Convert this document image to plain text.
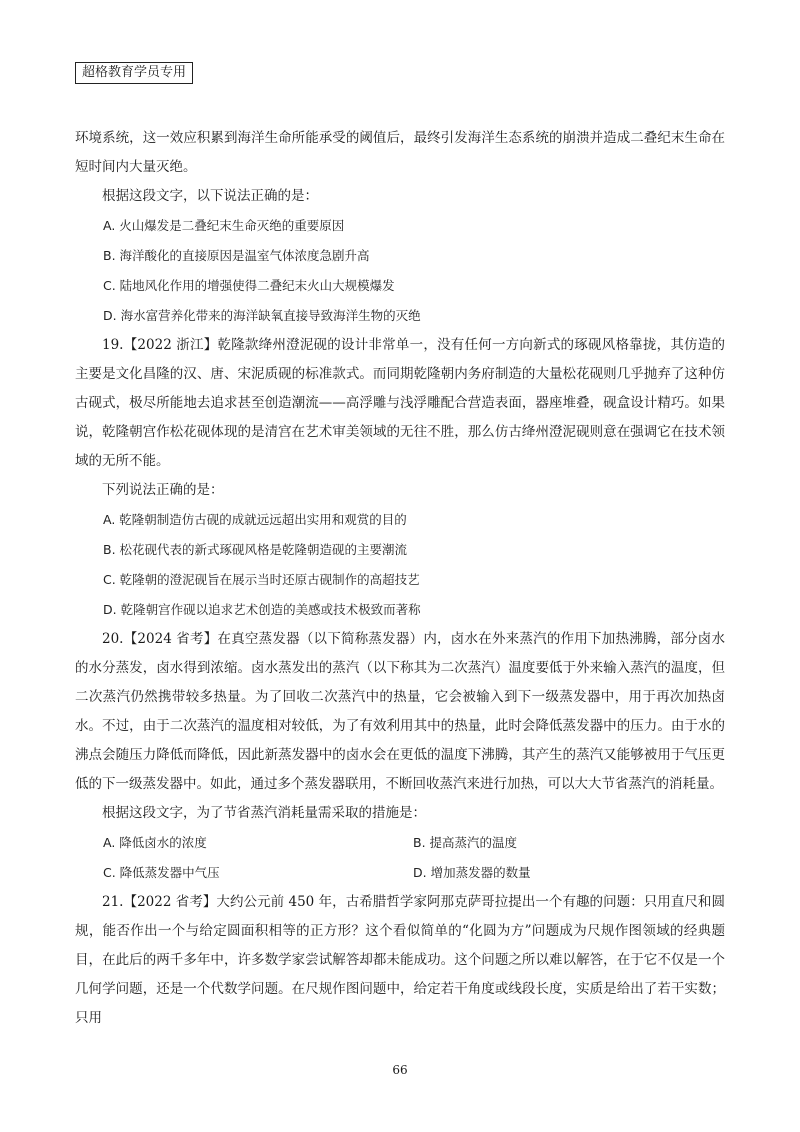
超格教育学员专用

环境系统，这一效应积累到海洋生命所能承受的阈值后，最终引发海洋生态系统的崩溃并造成二叠纪末生命在短时间内大量灭绝。

根据这段文字，以下说法正确的是：

A. 火山爆发是二叠纪末生命灭绝的重要原因

B. 海洋酸化的直接原因是温室气体浓度急剧升高

C. 陆地风化作用的增强使得二叠纪末火山大规模爆发

D. 海水富营养化带来的海洋缺氧直接导致海洋生物的灭绝

19.【2022 浙江】乾隆款绛州澄泥砚的设计非常单一，没有任何一方向新式的琢砚风格靠拢，其仿造的主要是文化昌隆的汉、唐、宋泥质砚的标准款式。而同期乾隆朝内务府制造的大量松花砚则几乎抛弃了这种仿古砚式，极尽所能地去追求甚至创造潮流——高浮雕与浅浮雕配合营造表面，器座堆叠，砚盒设计精巧。如果说，乾隆朝宫作松花砚体现的是清宫在艺术审美领域的无往不胜，那么仿古绛州澄泥砚则意在强调它在技术领域的无所不能。

下列说法正确的是：

A. 乾隆朝制造仿古砚的成就远远超出实用和观赏的目的

B. 松花砚代表的新式琢砚风格是乾隆朝造砚的主要潮流

C. 乾隆朝的澄泥砚旨在展示当时还原古砚制作的高超技艺

D. 乾隆朝宫作砚以追求艺术创造的美感或技术极致而著称

20.【2024 省考】在真空蒸发器（以下简称蒸发器）内，卤水在外来蒸汽的作用下加热沸腾，部分卤水的水分蒸发，卤水得到浓缩。卤水蒸发出的蒸汽（以下称其为二次蒸汽）温度要低于外来输入蒸汽的温度，但二次蒸汽仍然携带较多热量。为了回收二次蒸汽中的热量，它会被输入到下一级蒸发器中，用于再次加热卤水。不过，由于二次蒸汽的温度相对较低，为了有效利用其中的热量，此时会降低蒸发器中的压力。由于水的沸点会随压力降低而降低，因此新蒸发器中的卤水会在更低的温度下沸腾，其产生的蒸汽又能够被用于气压更低的下一级蒸发器中。如此，通过多个蒸发器联用，不断回收蒸汽来进行加热，可以大大节省蒸汽的消耗量。

根据这段文字，为了节省蒸汽消耗量需采取的措施是：

A. 降低卤水的浓度	B. 提高蒸汽的温度
C. 降低蒸发器中气压	D. 增加蒸发器的数量

21.【2022 省考】大约公元前 450 年，古希腊哲学家阿那克萨哥拉提出一个有趣的问题：只用直尺和圆规，能否作出一个与给定圆面积相等的正方形？这个看似简单的“化圆为方”问题成为尺规作图领域的经典题目，在此后的两千多年中，许多数学家尝试解答却都未能成功。这个问题之所以难以解答，在于它不仅是一个几何学问题，还是一个代数学问题。在尺规作图问题中，给定若干角度或线段长度，实质是给出了若干实数；只用

66
